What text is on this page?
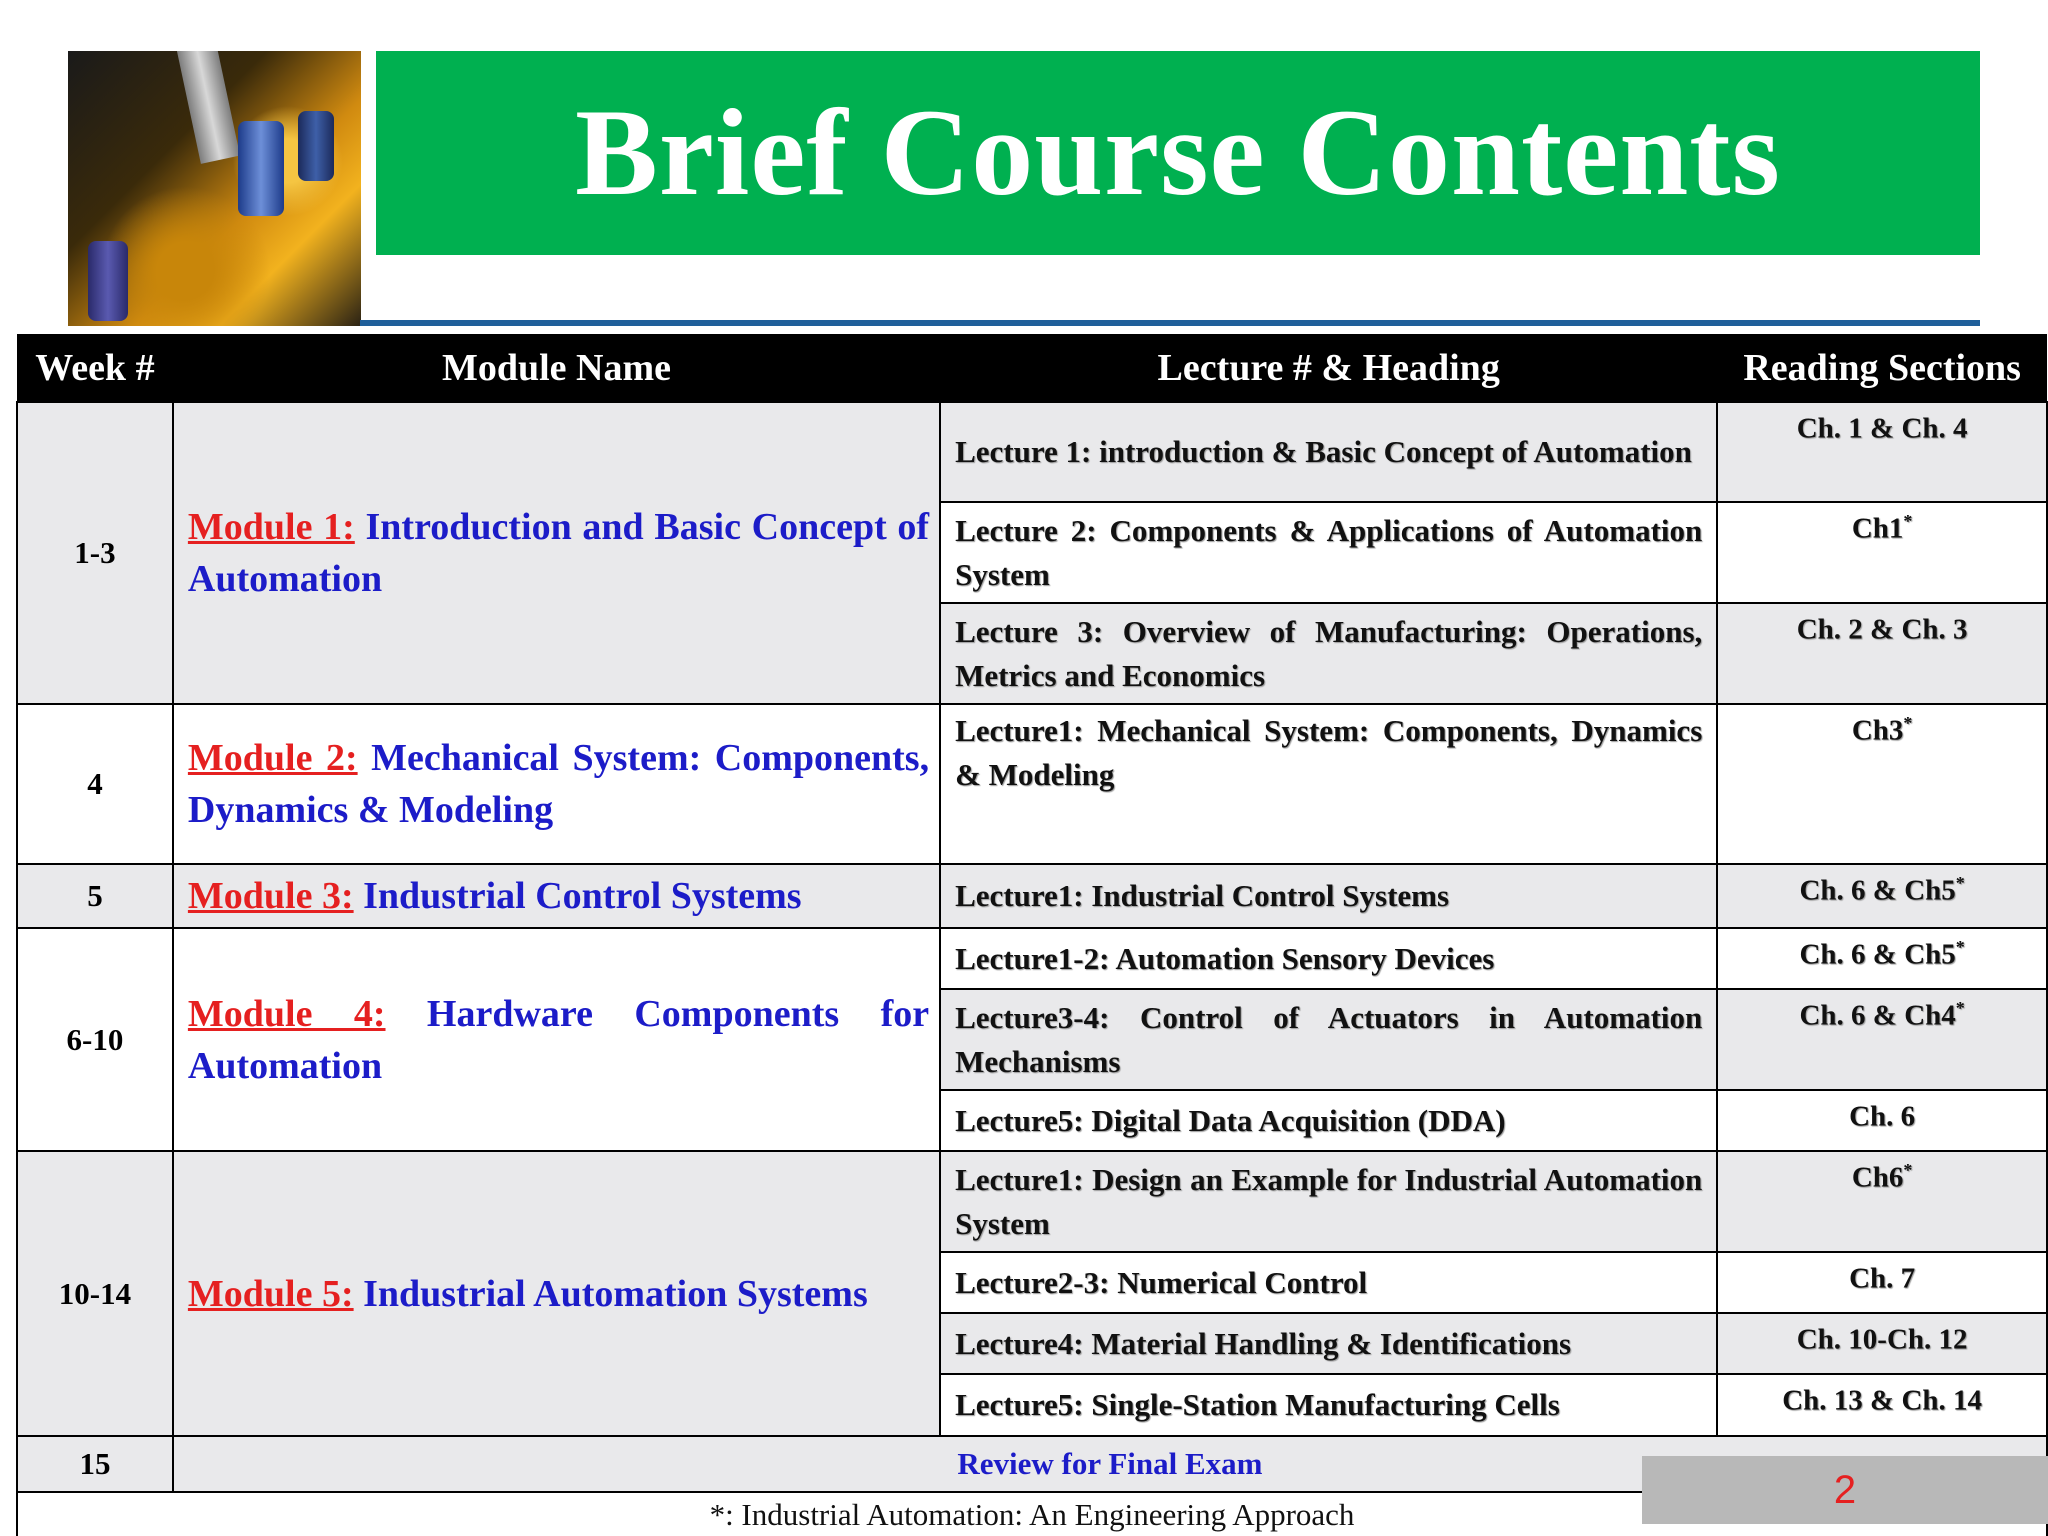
Brief Course Contents
Week #	Module Name	Lecture # & Heading	Reading Sections
1-3	Module 1: Introduction and Basic Concept of Automation	Lecture 1: introduction & Basic Concept of Automation	Ch. 1 & Ch. 4
		Lecture 2: Components & Applications of Automation System	Ch1*
		Lecture 3: Overview of Manufacturing: Operations, Metrics and Economics	Ch. 2 & Ch. 3
4	Module 2: Mechanical System: Components, Dynamics & Modeling	Lecture1: Mechanical System: Components, Dynamics & Modeling	Ch3*
5	Module 3: Industrial Control Systems	Lecture1: Industrial Control Systems	Ch. 6 & Ch5*
6-10	Module 4: Hardware Components for Automation	Lecture1-2: Automation Sensory Devices	Ch. 6 & Ch5*
		Lecture3-4: Control of Actuators in Automation Mechanisms	Ch. 6 & Ch4*
		Lecture5: Digital Data Acquisition (DDA)	Ch. 6
10-14	Module 5: Industrial Automation Systems	Lecture1: Design an Example for Industrial Automation System	Ch6*
		Lecture2-3: Numerical Control	Ch. 7
		Lecture4: Material Handling & Identifications	Ch. 10-Ch. 12
		Lecture5: Single-Station Manufacturing Cells	Ch. 13 & Ch. 14
15	Review for Final Exam		
*: Industrial Automation: An Engineering Approach			
2
